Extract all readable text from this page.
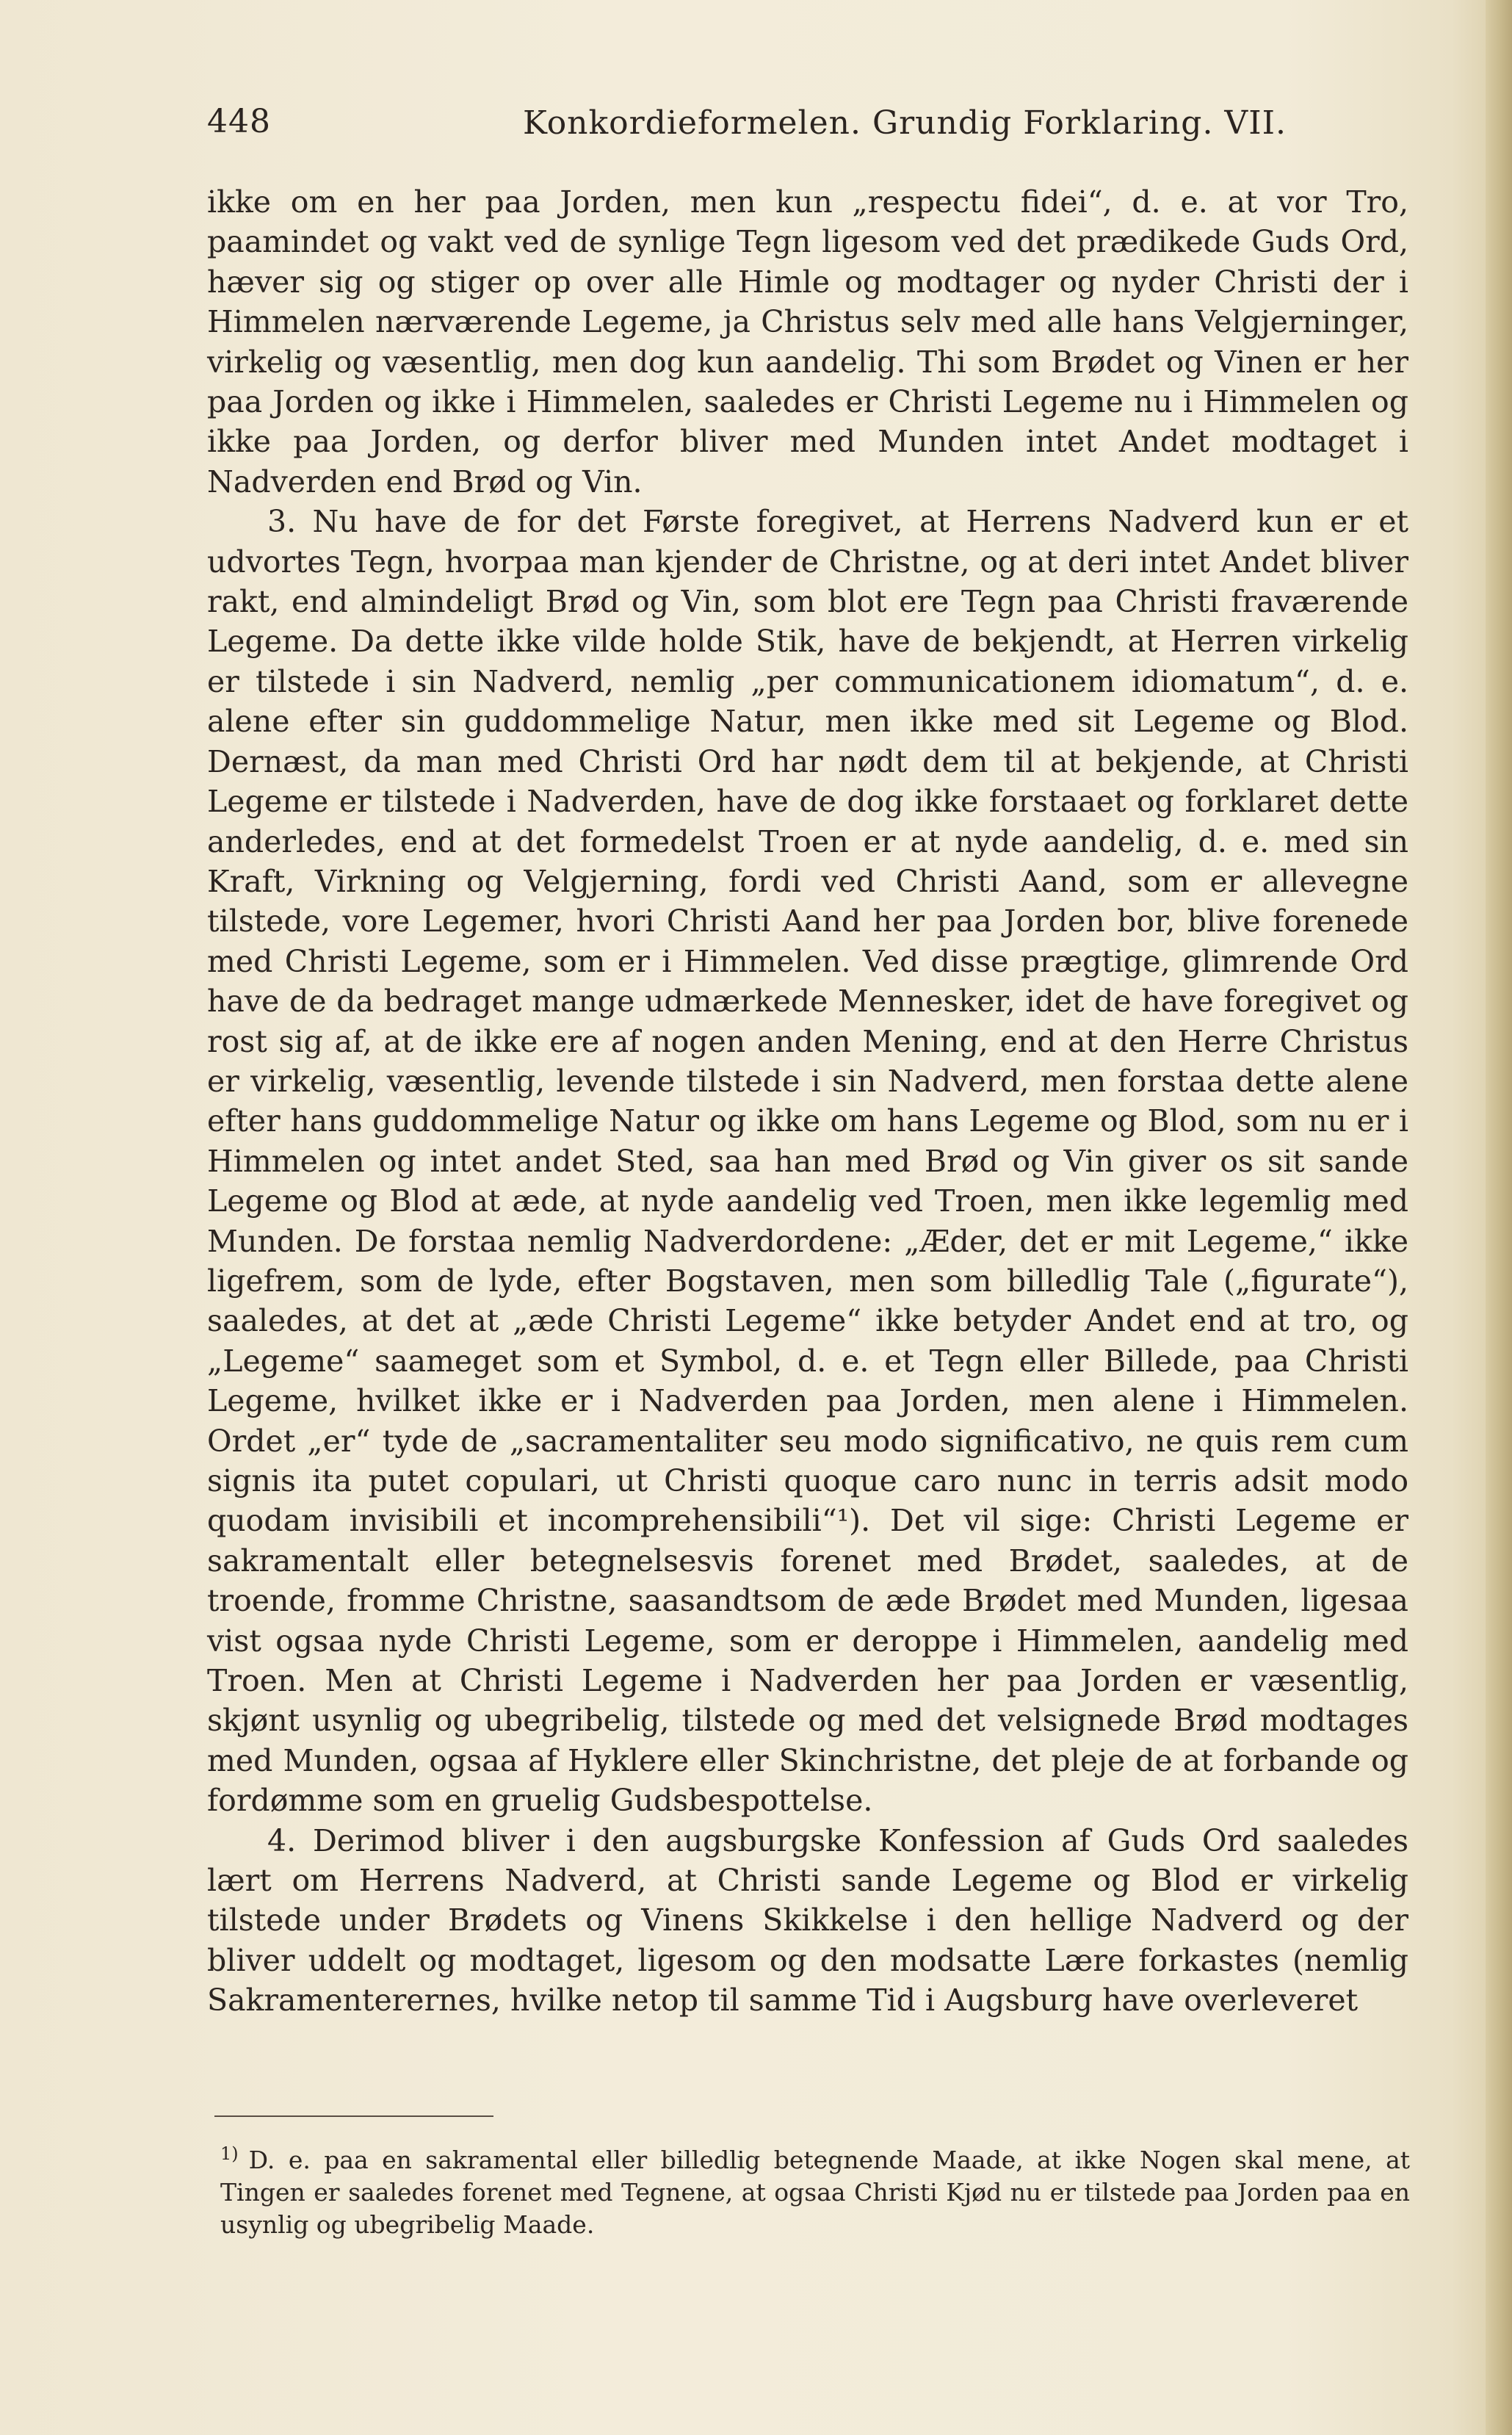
448	Konkordieformelen. Grundig Forklaring. VII.

ikke om en her paa Jorden, men kun „respectu fidei“, d. e. at vor Tro, paamindet og vakt ved de synlige Tegn ligesom ved det prædikede Guds Ord, hæver sig og stiger op over alle Himle og modtager og nyder Christi der i Himmelen nærværende Legeme, ja Christus selv med alle hans Velgjerninger, virkelig og væsentlig, men dog kun aandelig. Thi som Brødet og Vinen er her paa Jorden og ikke i Himmelen, saaledes er Christi Legeme nu i Himmelen og ikke paa Jorden, og derfor bliver med Munden intet Andet modtaget i Nadverden end Brød og Vin.

3. Nu have de for det Første foregivet, at Herrens Nadverd kun er et udvortes Tegn, hvorpaa man kjender de Christne, og at deri intet Andet bliver rakt, end almindeligt Brød og Vin, som blot ere Tegn paa Christi fraværende Legeme. Da dette ikke vilde holde Stik, have de bekjendt, at Herren virkelig er tilstede i sin Nadverd, nemlig „per communicationem idiomatum“, d. e. alene efter sin guddommelige Natur, men ikke med sit Legeme og Blod. Dernæst, da man med Christi Ord har nødt dem til at bekjende, at Christi Legeme er tilstede i Nadverden, have de dog ikke forstaaet og forklaret dette anderledes, end at det formedelst Troen er at nyde aandelig, d. e. med sin Kraft, Virkning og Velgjerning, fordi ved Christi Aand, som er allevegne tilstede, vore Legemer, hvori Christi Aand her paa Jorden bor, blive forenede med Christi Legeme, som er i Himmelen. Ved disse prægtige, glimrende Ord have de da bedraget mange udmærkede Mennesker, idet de have foregivet og rost sig af, at de ikke ere af nogen anden Mening, end at den Herre Christus er virkelig, væsentlig, levende tilstede i sin Nadverd, men forstaa dette alene efter hans guddommelige Natur og ikke om hans Legeme og Blod, som nu er i Himmelen og intet andet Sted, saa han med Brød og Vin giver os sit sande Legeme og Blod at æde, at nyde aandelig ved Troen, men ikke legemlig med Munden. De forstaa nemlig Nadverdordene: „Æder, det er mit Legeme,“ ikke ligefrem, som de lyde, efter Bogstaven, men som billedlig Tale („figurate“), saaledes, at det at „æde Christi Legeme“ ikke betyder Andet end at tro, og „Legeme“ saameget som et Symbol, d. e. et Tegn eller Billede, paa Christi Legeme, hvilket ikke er i Nadverden paa Jorden, men alene i Himmelen. Ordet „er“ tyde de „sacramentaliter seu modo significativo, ne quis rem cum signis ita putet copulari, ut Christi quoque caro nunc in terris adsit modo quodam invisibili et incomprehensibili“¹). Det vil sige: Christi Legeme er sakramentalt eller betegnelsesvis forenet med Brødet, saaledes, at de troende, fromme Christne, saasandtsom de æde Brødet med Munden, ligesaa vist ogsaa nyde Christi Legeme, som er deroppe i Himmelen, aandelig med Troen. Men at Christi Legeme i Nadverden her paa Jorden er væsentlig, skjønt usynlig og ubegribelig, tilstede og med det velsignede Brød modtages med Munden, ogsaa af Hyklere eller Skinchristne, det pleje de at forbande og fordømme som en gruelig Gudsbespottelse.

4. Derimod bliver i den augsburgske Konfession af Guds Ord saaledes lært om Herrens Nadverd, at Christi sande Legeme og Blod er virkelig tilstede under Brødets og Vinens Skikkelse i den hellige Nadverd og der bliver uddelt og modtaget, ligesom og den modsatte Lære forkastes (nemlig Sakramenterernes, hvilke netop til samme Tid i Augsburg have overleveret

$^{1)}$ D. e. paa en sakramental eller billedlig betegnende Maade, at ikke Nogen skal mene, at Tingen er saaledes forenet med Tegnene, at ogsaa Christi Kjød nu er tilstede paa Jorden paa en usynlig og ubegribelig Maade.
